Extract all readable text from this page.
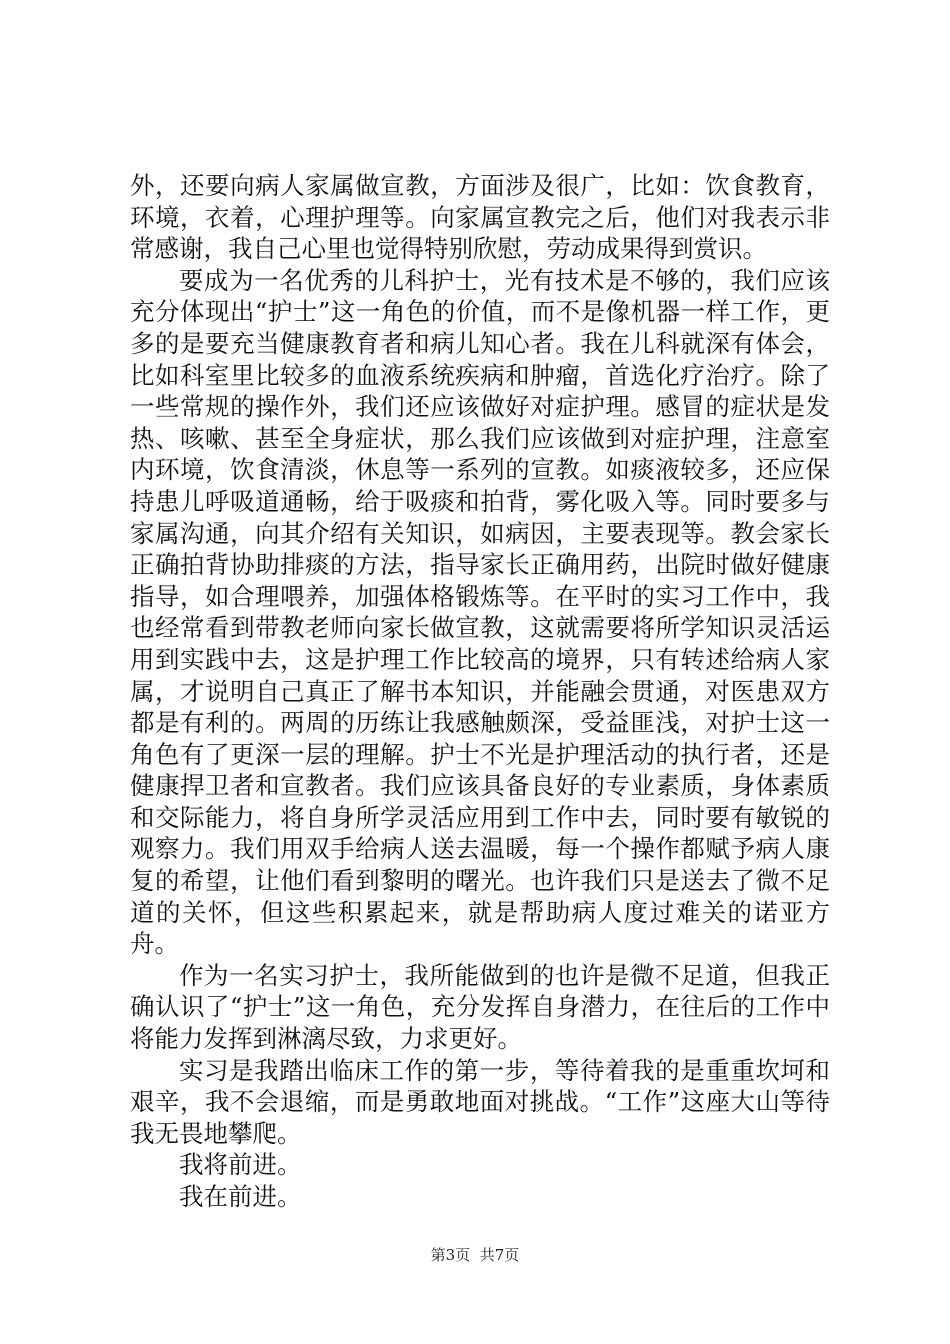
外，还要向病人家属做宣教，方面涉及很广，比如：饮食教育，环境，衣着，心理护理等。向家属宣教完之后，他们对我表示非常感谢，我自己心里也觉得特别欣慰，劳动成果得到赏识。

要成为一名优秀的儿科护士，光有技术是不够的，我们应该充分体现出“护士”这一角色的价值，而不是像机器一样工作，更多的是要充当健康教育者和病儿知心者。我在儿科就深有体会，比如科室里比较多的血液系统疾病和肿瘤，首选化疗治疗。除了一些常规的操作外，我们还应该做好对症护理。感冒的症状是发热、咳嗽、甚至全身症状，那么我们应该做到对症护理，注意室内环境，饮食清淡，休息等一系列的宣教。如痰液较多，还应保持患儿呼吸道通畅，给于吸痰和拍背，雾化吸入等。同时要多与家属沟通，向其介绍有关知识，如病因，主要表现等。教会家长正确拍背协助排痰的方法，指导家长正确用药，出院时做好健康指导，如合理喂养，加强体格锻炼等。在平时的实习工作中，我也经常看到带教老师向家长做宣教，这就需要将所学知识灵活运用到实践中去，这是护理工作比较高的境界，只有转述给病人家属，才说明自己真正了解书本知识，并能融会贯通，对医患双方都是有利的。两周的历练让我感触颇深，受益匪浅，对护士这一角色有了更深一层的理解。护士不光是护理活动的执行者，还是健康捍卫者和宣教者。我们应该具备良好的专业素质，身体素质和交际能力，将自身所学灵活应用到工作中去，同时要有敏锐的观察力。我们用双手给病人送去温暖，每一个操作都赋予病人康复的希望，让他们看到黎明的曙光。也许我们只是送去了微不足道的关怀，但这些积累起来，就是帮助病人度过难关的诺亚方舟。

作为一名实习护士，我所能做到的也许是微不足道，但我正确认识了“护士”这一角色，充分发挥自身潜力，在往后的工作中将能力发挥到淋漓尽致，力求更好。

实习是我踏出临床工作的第一步，等待着我的是重重坎坷和艰辛，我不会退缩，而是勇敢地面对挑战。“工作”这座大山等待我无畏地攀爬。

我将前进。

我在前进。

第3页 共7页
